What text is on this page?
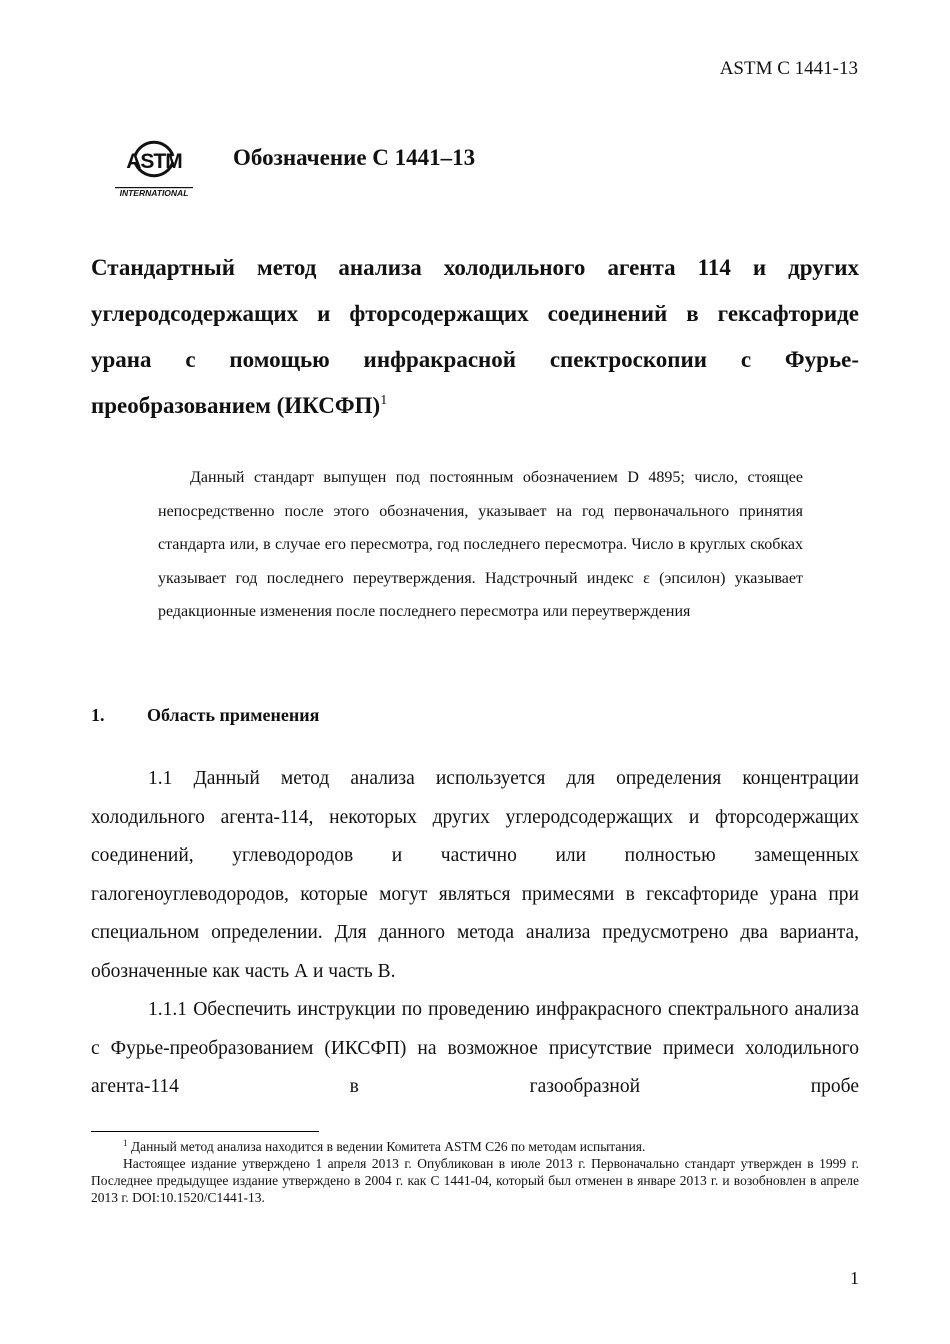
ASTM C 1441-13
ASTM
INTERNATIONAL
Обозначение C 1441–13
Стандартный метод анализа холодильного агента 114 и других углеродсодержащих и фторсодержащих соединений в гексафториде урана с помощью инфракрасной спектроскопии с Фурье-преобразованием (ИКСФП)$^1$
Данный стандарт выпущен под постоянным обозначением D 4895; число, стоящее непосредственно после этого обозначения, указывает на год первоначального принятия стандарта или, в случае его пересмотра, год последнего пересмотра. Число в круглых скобках указывает год последнего переутверждения. Надстрочный индекс ε (эпсилон) указывает редакционные изменения после последнего пересмотра или переутверждения
1. Область применения

1.1 Данный метод анализа используется для определения концентрации холодильного агента-114, некоторых других углеродсодержащих и фторсодержащих соединений, углеводородов и частично или полностью замещенных галогеноуглеводородов, которые могут являться примесями в гексафториде урана при специальном определении. Для данного метода анализа предусмотрено два варианта, обозначенные как часть А и часть В.

1.1.1 Обеспечить инструкции по проведению инфракрасного спектрального анализа с Фурье-преобразованием (ИКСФП) на возможное присутствие примеси холодильного агента-114 в газообразной пробе

$^1$ Данный метод анализа находится в ведении Комитета ASTM C26 по методам испытания.

Настоящее издание утверждено 1 апреля 2013 г. Опубликован в июле 2013 г. Первоначально стандарт утвержден в 1999 г. Последнее предыдущее издание утверждено в 2004 г. как C 1441-04, который был отменен в январе 2013 г. и возобновлен в апреле 2013 г. DOI:10.1520/C1441-13.

1
